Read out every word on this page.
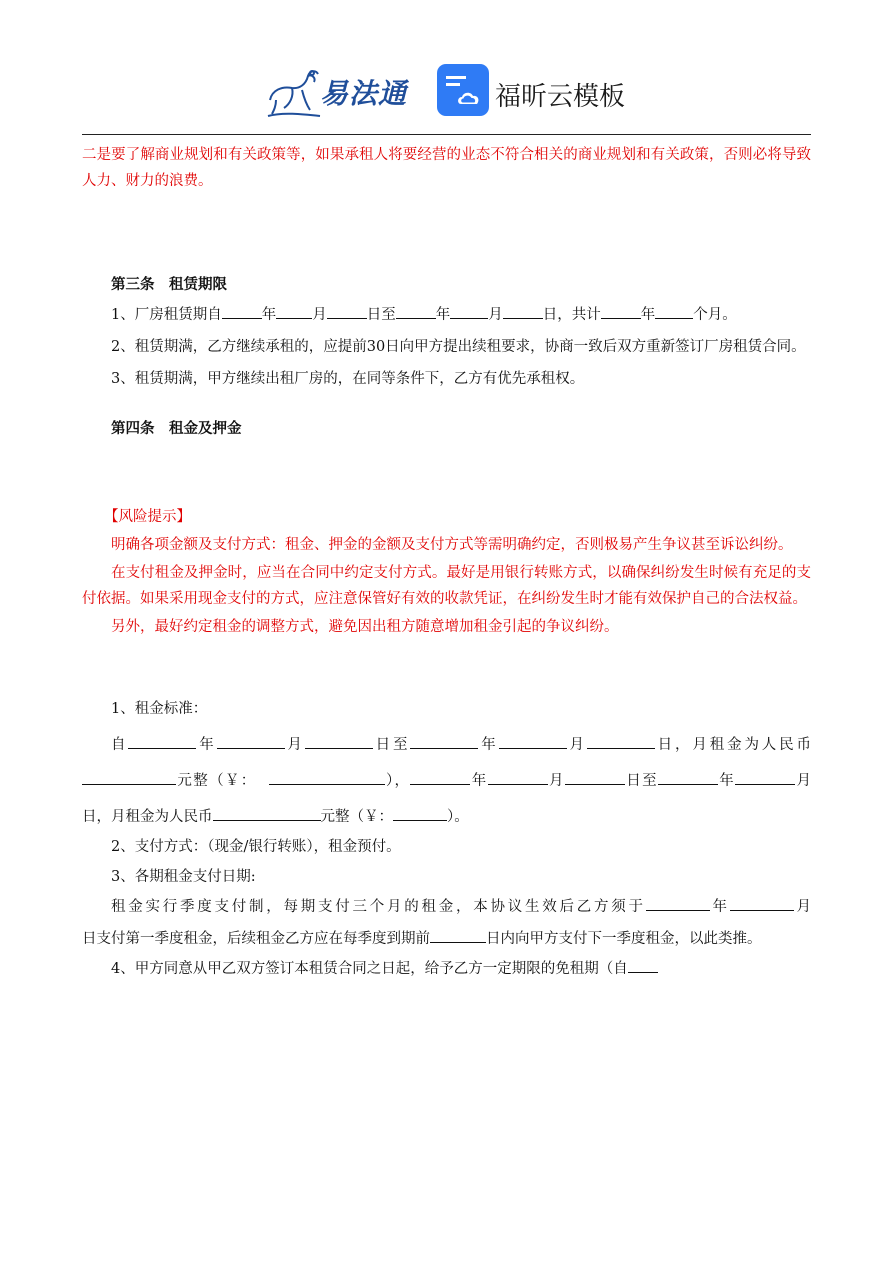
易法通	福昕云模板

二是要了解商业规划和有关政策等，如果承租人将要经营的业态不符合相关的商业规划和有关政策，否则必将导致人力、财力的浪费。

第三条　租赁期限

1、厂房租赁期自	年 月	日至	年	月	日，共计	年	个月。

2、租赁期满，乙方继续承租的，应提前30日向甲方提出续租要求，协商一致后双方重新签订厂房租赁合同。

3、租赁期满，甲方继续出租厂房的，在同等条件下，乙方有优先承租权。

第四条　租金及押金

【风险提示】

明确各项金额及支付方式：租金、押金的金额及支付方式等需明确约定，否则极易产生争议甚至诉讼纠纷。

在支付租金及押金时，应当在合同中约定支付方式。最好是用银行转账方式，以确保纠纷发生时候有充足的支付依据。如果采用现金支付的方式，应注意保管好有效的收款凭证，在纠纷发生时才能有效保护自己的合法权益。

另外，最好约定租金的调整方式，避免因出租方随意增加租金引起的争议纠纷。

1、租金标准：

自	年	月	日至	年	月	日，月租金为人民币

元整（￥：	），	年	月	日至	年	月

日，月租金为人民币	元整（￥：	）。

2、支付方式：（现金/银行转账），租金预付。

3、各期租金支付日期:

租金实行季度支付制，每期支付三个月的租金，本协议生效后乙方须于	年	月

日支付第一季度租金，后续租金乙方应在每季度到期前	日内向甲方支付下一季度租金，以此类推。

4、甲方同意从甲乙双方签订本租赁合同之日起，给予乙方一定期限的免租期（自
